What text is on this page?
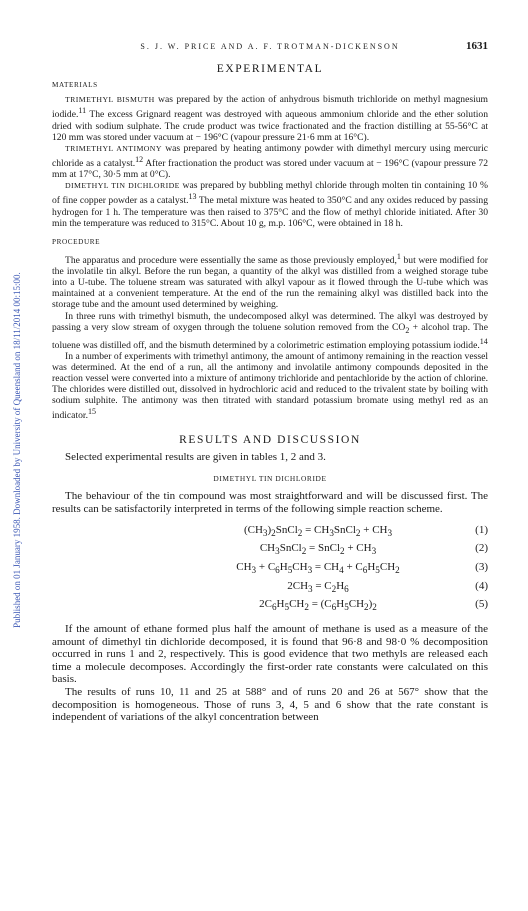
Published on 01 January 1958. Downloaded by University of Queensland on 18/11/2014 00:15:00.
S. J. W. PRICE AND A. F. TROTMAN-DICKENSON	1631
EXPERIMENTAL
MATERIALS

TRIMETHYL BISMUTH was prepared by the action of anhydrous bismuth trichloride on methyl magnesium iodide.$^{11}$ The excess Grignard reagent was destroyed with aqueous ammonium chloride and the ether solution dried with sodium sulphate. The crude product was twice fractionated and the fraction distilling at 55-56°C at 120 mm was stored under vacuum at − 196°C (vapour pressure 21·6 mm at 16°C).

TRIMETHYL ANTIMONY was prepared by heating antimony powder with dimethyl mercury using mercuric chloride as a catalyst.$^{12}$ After fractionation the product was stored under vacuum at − 196°C (vapour pressure 72 mm at 17°C, 30·5 mm at 0°C).

DIMETHYL TIN DICHLORIDE was prepared by bubbling methyl chloride through molten tin containing 10 % of fine copper powder as a catalyst.$^{13}$ The metal mixture was heated to 350°C and any oxides reduced by passing hydrogen for 1 h. The temperature was then raised to 375°C and the flow of methyl chloride initiated. After 30 min the temperature was reduced to 315°C. About 10 g, m.p. 106°C, were obtained in 18 h.

PROCEDURE

The apparatus and procedure were essentially the same as those previously employed,$^1$ but were modified for the involatile tin alkyl. Before the run began, a quantity of the alkyl was distilled from a weighed storage tube into a U-tube. The toluene stream was saturated with alkyl vapour as it flowed through the U-tube which was maintained at a convenient temperature. At the end of the run the remaining alkyl was distilled back into the storage tube and the amount used determined by weighing.

In three runs with trimethyl bismuth, the undecomposed alkyl was determined. The alkyl was destroyed by passing a very slow stream of oxygen through the toluene solution removed from the $CO_2$ + alcohol trap. The toluene was distilled off, and the bismuth determined by a colorimetric estimation employing potassium iodide.$^{14}$

In a number of experiments with trimethyl antimony, the amount of antimony remaining in the reaction vessel was determined. At the end of a run, all the antimony and involatile antimony compounds deposited in the reaction vessel were converted into a mixture of antimony trichloride and pentachloride by the action of chlorine. The chlorides were distilled out, dissolved in hydrochloric acid and reduced to the trivalent state by boiling with sodium sulphite. The antimony was then titrated with standard potassium bromate using methyl red as an indicator.$^{15}$

RESULTS AND DISCUSSION

Selected experimental results are given in tables 1, 2 and 3.

DIMETHYL TIN DICHLORIDE

The behaviour of the tin compound was most straightforward and will be discussed first. The results can be satisfactorily interpreted in terms of the following simple reaction scheme.

$(CH_3)_2SnCl_2$ = $CH_3SnCl_2 + CH_3$	(1)
$CH_3SnCl_2$ = SnCl$_2$ + $CH_3$	(2)
$CH_3 + C_6H_5CH_3 = CH_4 + C_6H_5CH_2$	(3)
$2CH_3 = C_2H_6$	(4)
$2C_6H_5CH_2 = (C_6H_5CH_2)_2$	(5)

If the amount of ethane formed plus half the amount of methane is used as a measure of the amount of dimethyl tin dichloride decomposed, it is found that 96·8 and 98·0 % decomposition occurred in runs 1 and 2, respectively. This is good evidence that two methyls are released each time a molecule decomposes. Accordingly the first-order rate constants were calculated on this basis.

The results of runs 10, 11 and 25 at 588° and of runs 20 and 26 at 567° show that the decomposition is homogeneous. Those of runs 3, 4, 5 and 6 show that the rate constant is independent of variations of the alkyl concentration between
